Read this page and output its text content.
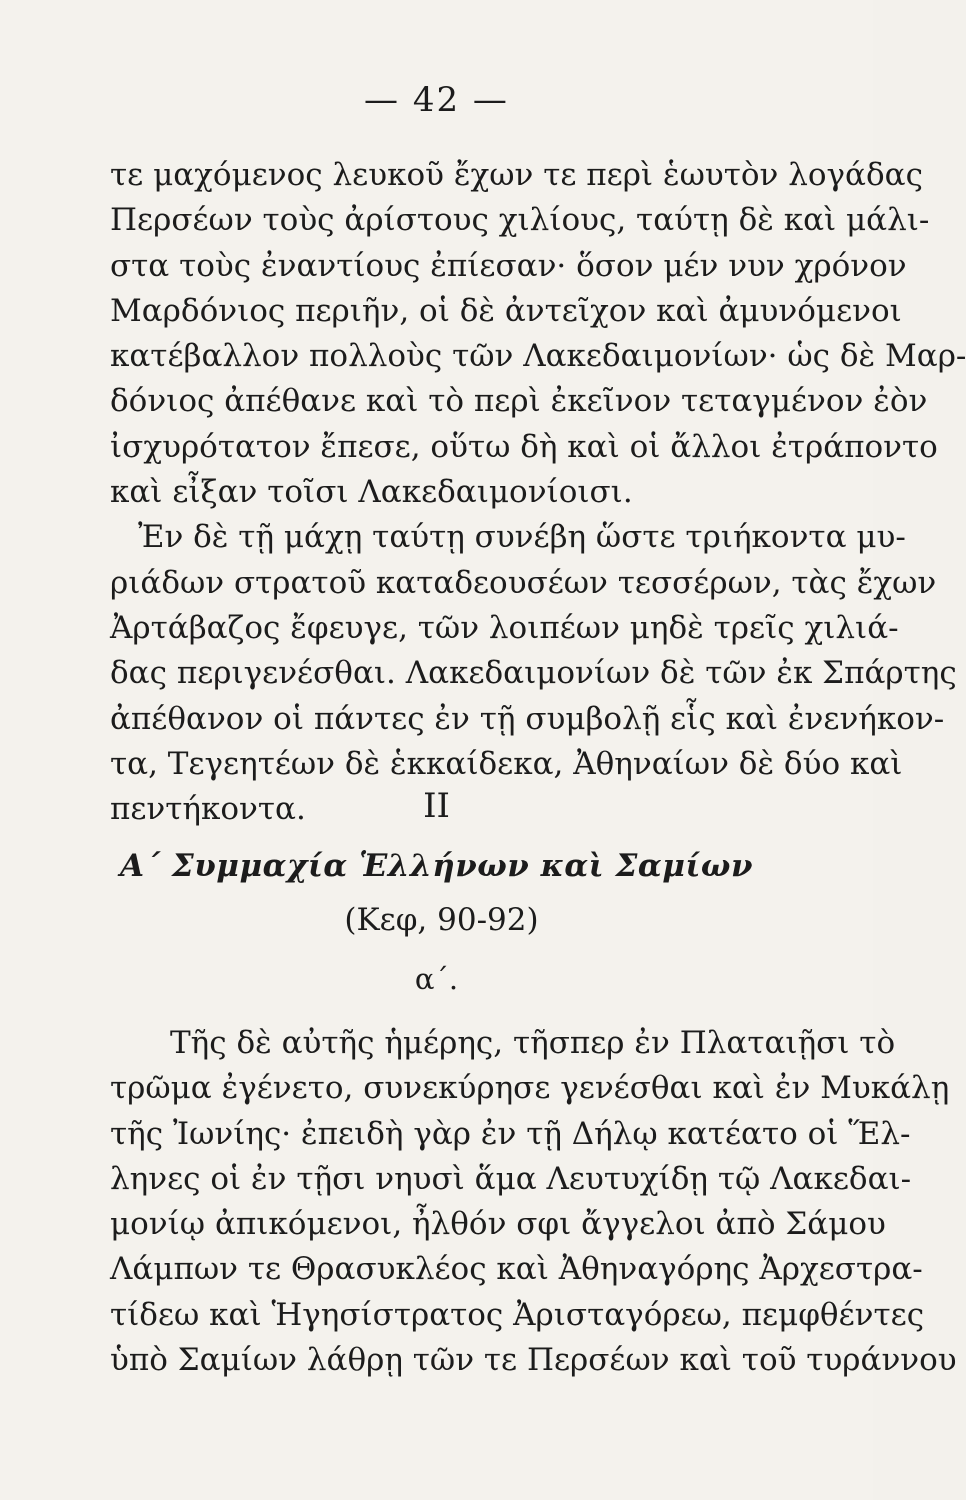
— 42 —
τε μαχόμενος λευκοῦ ἔχων τε περὶ ἑωυτὸν λογάδας
Περσέων τοὺς ἀρίστους χιλίους, ταύτῃ δὲ καὶ μάλι-
στα τοὺς ἐναντίους ἐπίεσαν· ὅσον μέν νυν χρόνον
Μαρδόνιος περιῆν, οἱ δὲ ἀντεῖχον καὶ ἀμυνόμενοι
κατέβαλλον πολλοὺς τῶν Λακεδαιμονίων· ὡς δὲ Μαρ-
δόνιος ἀπέθανε καὶ τὸ περὶ ἐκεῖνον τεταγμένον ἐὸν
ἰσχυρότατον ἔπεσε, οὕτω δὴ καὶ οἱ ἄλλοι ἐτράποντο
καὶ εἶξαν τοῖσι Λακεδαιμονίοισι.
Ἐν δὲ τῇ μάχῃ ταύτῃ συνέβη ὥστε τριήκοντα μυ-
ριάδων στρατοῦ καταδεουσέων τεσσέρων, τὰς ἔχων
Ἀρτάβαζος ἔφευγε, τῶν λοιπέων μηδὲ τρεῖς χιλιά-
δας περιγενέσθαι. Λακεδαιμονίων δὲ τῶν ἐκ Σπάρτης
ἀπέθανον οἱ πάντες ἐν τῇ συμβολῇ εἷς καὶ ἐνενήκον-
τα, Τεγεητέων δὲ ἑκκαίδεκα, Ἀθηναίων δὲ δύο καὶ
πεντήκοντα.	II
Α΄ Συμμαχία Ἑλλήνων καὶ Σαμίων
(Κεφ, 90-92)
α΄.
Τῆς δὲ αὐτῆς ἡμέρης, τῆσπερ ἐν Πλαταιῇσι τὸ
τρῶμα ἐγένετο, συνεκύρησε γενέσθαι καὶ ἐν Μυκάλῃ
τῆς Ἰωνίης· ἐπειδὴ γὰρ ἐν τῇ Δήλῳ κατέατο οἱ Ἕλ-
ληνες οἱ ἐν τῇσι νηυσὶ ἅμα Λευτυχίδῃ τῷ Λακεδαι-
μονίῳ ἀπικόμενοι, ἦλθόν σφι ἄγγελοι ἀπὸ Σάμου
Λάμπων τε Θρασυκλέος καὶ Ἀθηναγόρης Ἀρχεστρα-
τίδεω καὶ Ἡγησίστρατος Ἀρισταγόρεω, πεμφθέντες
ὑπὸ Σαμίων λάθρῃ τῶν τε Περσέων καὶ τοῦ τυράννου
